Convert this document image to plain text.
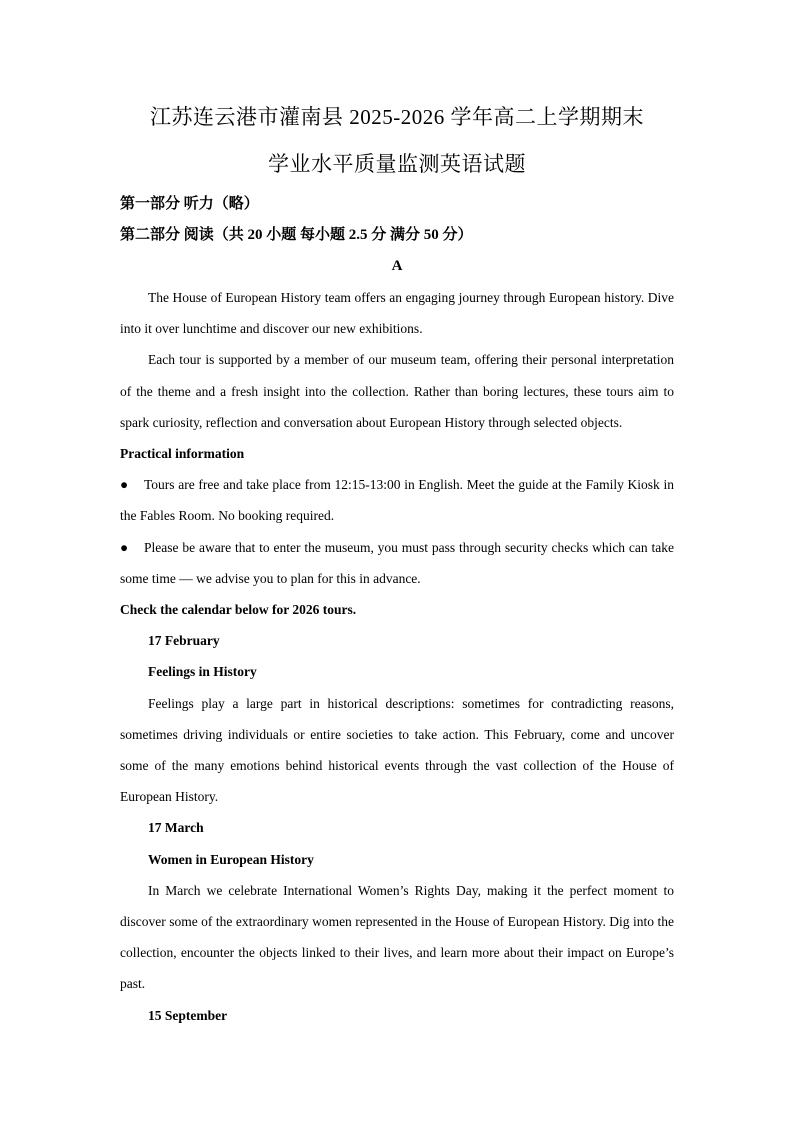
江苏连云港市灌南县 2025-2026 学年高二上学期期末
学业水平质量监测英语试题
第一部分 听力（略）
第二部分 阅读（共 20 小题 每小题 2.5 分 满分 50 分）
A

The House of European History team offers an engaging journey through European history. Dive into it over lunchtime and discover our new exhibitions.

Each tour is supported by a member of our museum team, offering their personal interpretation of the theme and a fresh insight into the collection. Rather than boring lectures, these tours aim to spark curiosity, reflection and conversation about European History through selected objects.

Practical information

● Tours are free and take place from 12:15-13:00 in English. Meet the guide at the Family Kiosk in the Fables Room. No booking required.

● Please be aware that to enter the museum, you must pass through security checks which can take some time — we advise you to plan for this in advance.

Check the calendar below for 2026 tours.

17 February

Feelings in History

Feelings play a large part in historical descriptions: sometimes for contradicting reasons, sometimes driving individuals or entire societies to take action. This February, come and uncover some of the many emotions behind historical events through the vast collection of the House of European History.

17 March

Women in European History

In March we celebrate International Women’s Rights Day, making it the perfect moment to discover some of the extraordinary women represented in the House of European History. Dig into the collection, encounter the objects linked to their lives, and learn more about their impact on Europe’s past.

15 September
